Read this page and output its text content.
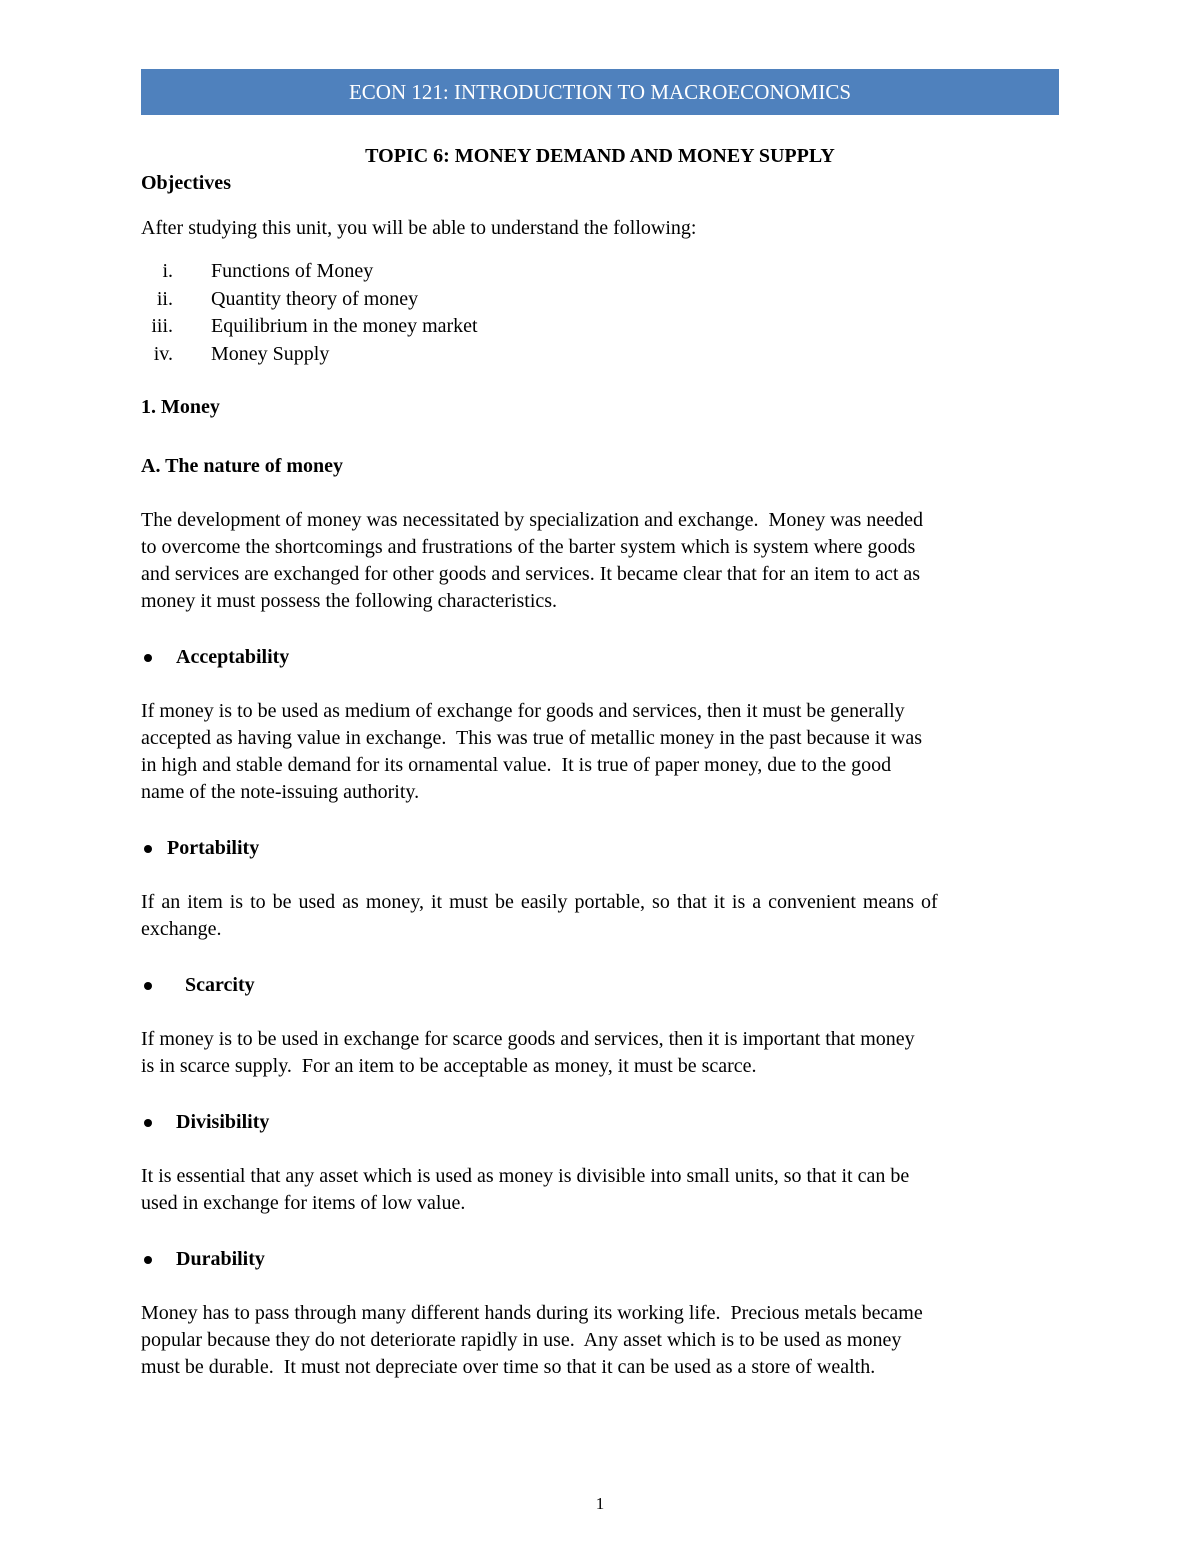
ECON 121: INTRODUCTION TO MACROECONOMICS
TOPIC 6: MONEY DEMAND AND MONEY SUPPLY
Objectives
After studying this unit, you will be able to understand the following:
i. Functions of Money
ii. Quantity theory of money
iii. Equilibrium in the money market
iv. Money Supply
1. Money
A. The nature of money
The development of money was necessitated by specialization and exchange.  Money was needed
to overcome the shortcomings and frustrations of the barter system which is system where goods
and services are exchanged for other goods and services. It became clear that for an item to act as
money it must possess the following characteristics.
Acceptability
If money is to be used as medium of exchange for goods and services, then it must be generally
accepted as having value in exchange.  This was true of metallic money in the past because it was
in high and stable demand for its ornamental value.  It is true of paper money, due to the good
name of the note-issuing authority.
Portability
If an item is to be used as money, it must be easily portable, so that it is a convenient means of
exchange.
Scarcity
If money is to be used in exchange for scarce goods and services, then it is important that money
is in scarce supply.  For an item to be acceptable as money, it must be scarce.
Divisibility
It is essential that any asset which is used as money is divisible into small units, so that it can be
used in exchange for items of low value.
Durability
Money has to pass through many different hands during its working life.  Precious metals became
popular because they do not deteriorate rapidly in use.  Any asset which is to be used as money
must be durable.  It must not depreciate over time so that it can be used as a store of wealth.
1
